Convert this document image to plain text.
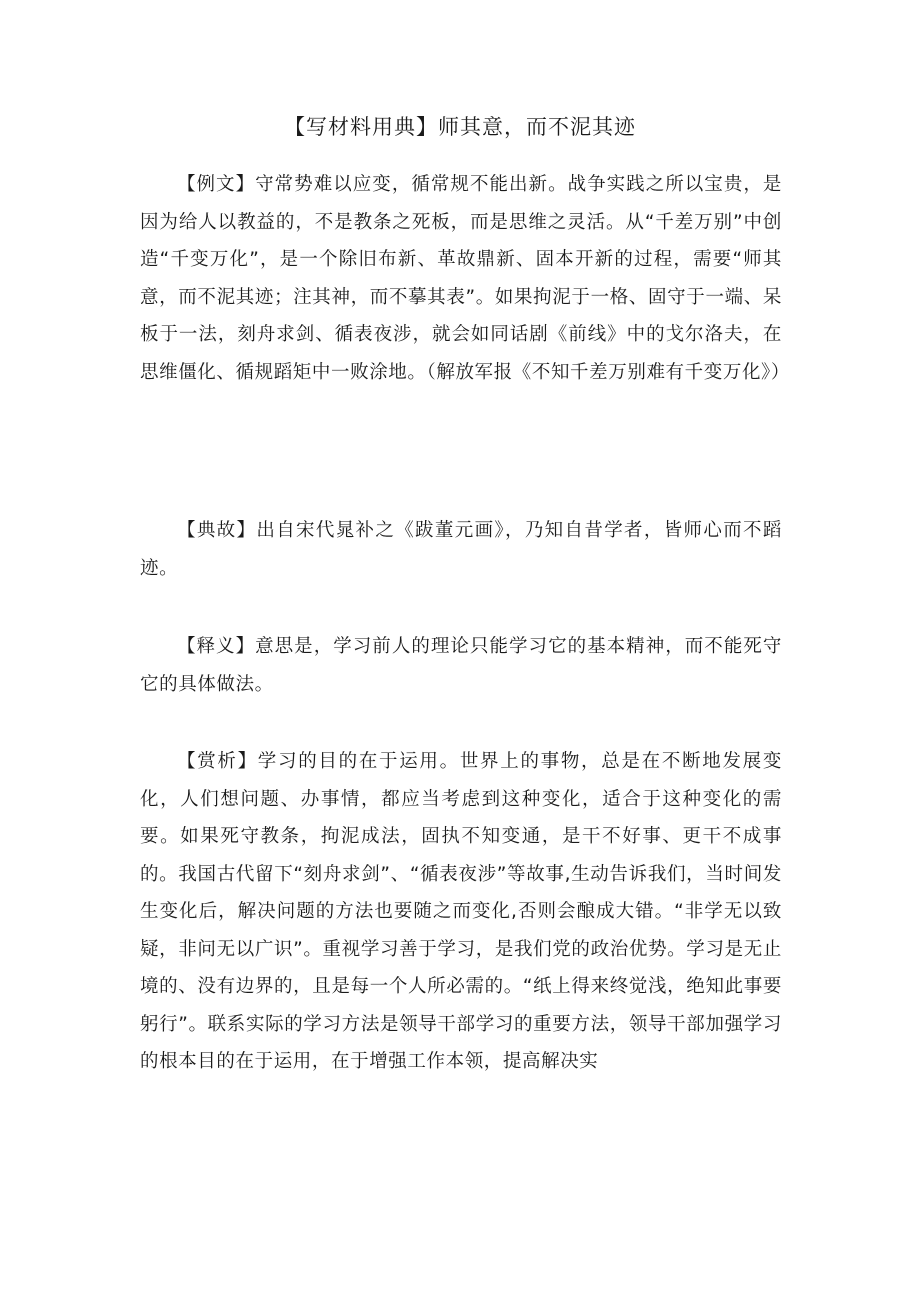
【写材料用典】师其意，而不泥其迹

【例文】守常势难以应变，循常规不能出新。战争实践之所以宝贵，是因为给人以教益的，不是教条之死板，而是思维之灵活。从“千差万别”中创造“千变万化”，是一个除旧布新、革故鼎新、固本开新的过程，需要“师其意，而不泥其迹；注其神，而不摹其表”。如果拘泥于一格、固守于一端、呆板于一法，刻舟求剑、循表夜涉，就会如同话剧《前线》中的戈尔洛夫，在思维僵化、循规蹈矩中一败涂地。（解放军报《不知千差万别难有千变万化》）

【典故】出自宋代晁补之《跋董元画》，乃知自昔学者，皆师心而不蹈迹。

【释义】意思是，学习前人的理论只能学习它的基本精神，而不能死守它的具体做法。

【赏析】学习的目的在于运用。世界上的事物，总是在不断地发展变化，人们想问题、办事情，都应当考虑到这种变化，适合于这种变化的需要。如果死守教条，拘泥成法，固执不知变通，是干不好事、更干不成事的。我国古代留下“刻舟求剑”、“循表夜涉”等故事,生动告诉我们，当时间发生变化后，解决问题的方法也要随之而变化,否则会酿成大错。“非学无以致疑，非问无以广识”。重视学习善于学习，是我们党的政治优势。学习是无止境的、没有边界的，且是每一个人所必需的。“纸上得来终觉浅，绝知此事要躬行”。联系实际的学习方法是领导干部学习的重要方法，领导干部加强学习的根本目的在于运用，在于增强工作本领，提高解决实
